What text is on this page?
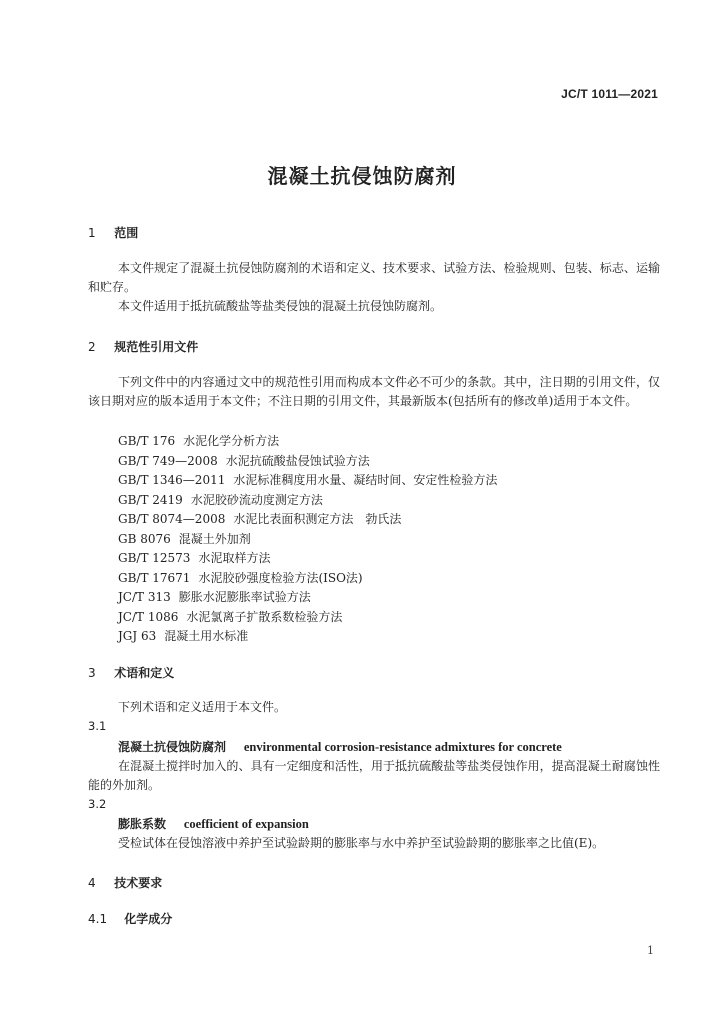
JC/T 1011—2021
混凝土抗侵蚀防腐剂
1 范围
本文件规定了混凝土抗侵蚀防腐剂的术语和定义、技术要求、试验方法、检验规则、包装、标志、运输和贮存。
本文件适用于抵抗硫酸盐等盐类侵蚀的混凝土抗侵蚀防腐剂。
2 规范性引用文件
下列文件中的内容通过文中的规范性引用而构成本文件必不可少的条款。其中，注日期的引用文件，仅该日期对应的版本适用于本文件；不注日期的引用文件，其最新版本(包括所有的修改单)适用于本文件。
GB/T 176 水泥化学分析方法
GB/T 749—2008 水泥抗硫酸盐侵蚀试验方法
GB/T 1346—2011 水泥标准稠度用水量、凝结时间、安定性检验方法
GB/T 2419 水泥胶砂流动度测定方法
GB/T 8074—2008 水泥比表面积测定方法　勃氏法
GB 8076 混凝土外加剂
GB/T 12573 水泥取样方法
GB/T 17671 水泥胶砂强度检验方法(ISO法)
JC/T 313 膨胀水泥膨胀率试验方法
JC/T 1086 水泥氯离子扩散系数检验方法
JGJ 63 混凝土用水标准
3 术语和定义
下列术语和定义适用于本文件。
3.1
混凝土抗侵蚀防腐剂 environmental corrosion-resistance admixtures for concrete
在混凝土搅拌时加入的、具有一定细度和活性，用于抵抗硫酸盐等盐类侵蚀作用，提高混凝土耐腐蚀性能的外加剂。
3.2
膨胀系数 coefficient of expansion
受检试体在侵蚀溶液中养护至试验龄期的膨胀率与水中养护至试验龄期的膨胀率之比值(E)。
4 技术要求
4.1 化学成分
1
